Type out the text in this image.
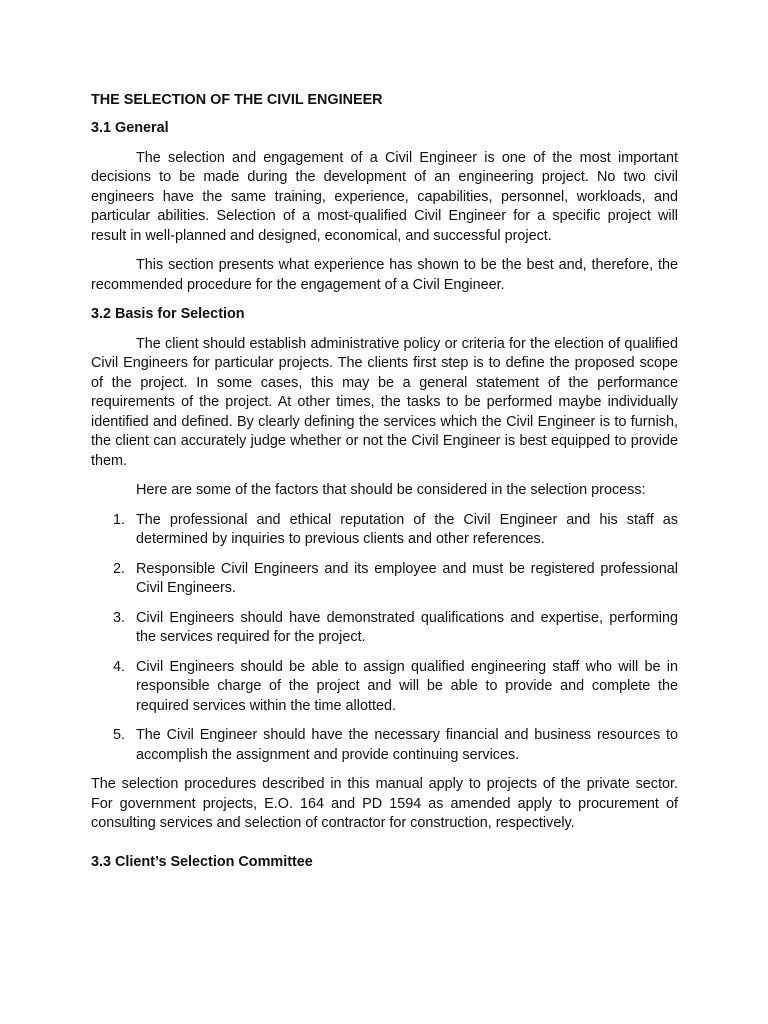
THE SELECTION OF THE CIVIL ENGINEER
3.1 General

The selection and engagement of a Civil Engineer is one of the most important decisions to be made during the development of an engineering project. No two civil engineers have the same training, experience, capabilities, personnel, workloads, and particular abilities. Selection of a most-qualified Civil Engineer for a specific project will result in well-planned and designed, economical, and successful project.

This section presents what experience has shown to be the best and, therefore, the recommended procedure for the engagement of a Civil Engineer.

3.2 Basis for Selection

The client should establish administrative policy or criteria for the election of qualified Civil Engineers for particular projects. The clients first step is to define the proposed scope of the project. In some cases, this may be a general statement of the performance requirements of the project. At other times, the tasks to be performed maybe individually identified and defined. By clearly defining the services which the Civil Engineer is to furnish, the client can accurately judge whether or not the Civil Engineer is best equipped to provide them.

Here are some of the factors that should be considered in the selection process:

1. The professional and ethical reputation of the Civil Engineer and his staff as determined by inquiries to previous clients and other references.
2. Responsible Civil Engineers and its employee and must be registered professional Civil Engineers.
3. Civil Engineers should have demonstrated qualifications and expertise, performing the services required for the project.
4. Civil Engineers should be able to assign qualified engineering staff who will be in responsible charge of the project and will be able to provide and complete the required services within the time allotted.
5. The Civil Engineer should have the necessary financial and business resources to accomplish the assignment and provide continuing services.

The selection procedures described in this manual apply to projects of the private sector. For government projects, E.O. 164 and PD 1594 as amended apply to procurement of consulting services and selection of contractor for construction, respectively.

3.3 Client’s Selection Committee
